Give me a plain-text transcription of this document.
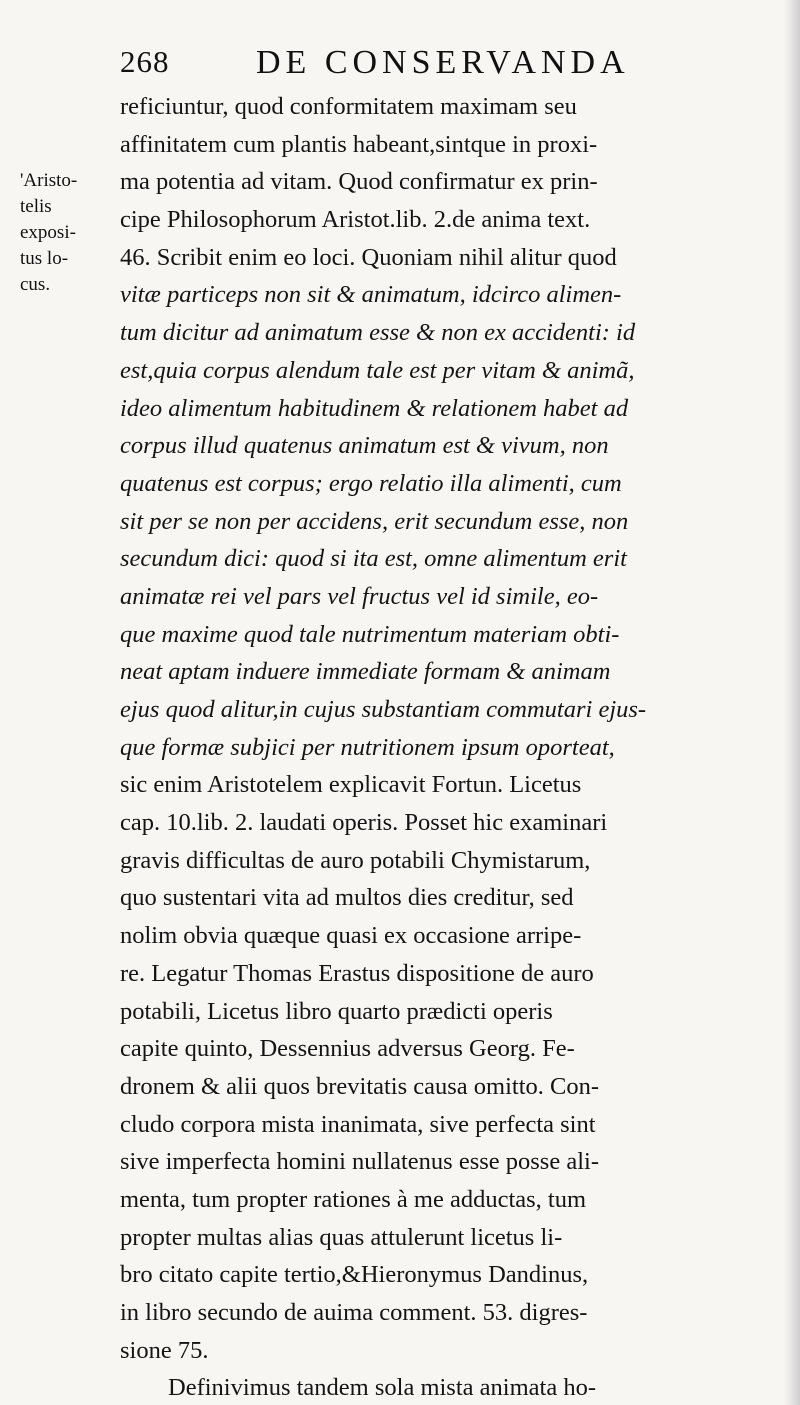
268	DE CONSERVANDA
'Aristo-
telis
exposi-
tus lo-
cus.
reficiuntur, quod conformitatem maximam seu
affinitatem cum plantis habeant,sintque in proxi-
ma potentia ad vitam. Quod confirmatur ex prin-
cipe Philosophorum Aristot.lib. 2.de anima text.
46. Scribit enim eo loci. Quoniam nihil alitur quod
vitæ particeps non sit & animatum, idcirco alimen-
tum dicitur ad animatum esse & non ex accidenti: id
est,quia corpus alendum tale est per vitam & animã,
ideo alimentum habitudinem & relationem habet ad
corpus illud quatenus animatum est & vivum, non
quatenus est corpus; ergo relatio illa alimenti, cum
sit per se non per accidens, erit secundum esse, non
secundum dici: quod si ita est, omne alimentum erit
animatæ rei vel pars vel fructus vel id simile, eo-
que maxime quod tale nutrimentum materiam obti-
neat aptam induere immediate formam & animam
ejus quod alitur,in cujus substantiam commutari ejus-
que formæ subjici per nutritionem ipsum oporteat,
sic enim Aristotelem explicavit Fortun. Licetus
cap. 10.lib. 2. laudati operis. Posset hic examinari
gravis difficultas de auro potabili Chymistarum,
quo sustentari vita ad multos dies creditur, sed
nolim obvia quæque quasi ex occasione arripe-
re. Legatur Thomas Erastus dispositione de auro
potabili, Licetus libro quarto prædicti operis
capite quinto, Dessennius adversus Georg. Fe-
dronem & alii quos brevitatis causa omitto. Con-
cludo corpora mista inanimata, sive perfecta sint
sive imperfecta homini nullatenus esse posse ali-
menta, tum propter rationes à me adductas, tum
propter multas alias quas attulerunt licetus li-
bro citato capite tertio,&Hieronymus Dandinus,
in libro secundo de auima comment. 53. digres-
sione 75.
Definivimus tandem sola mista animata ho-
